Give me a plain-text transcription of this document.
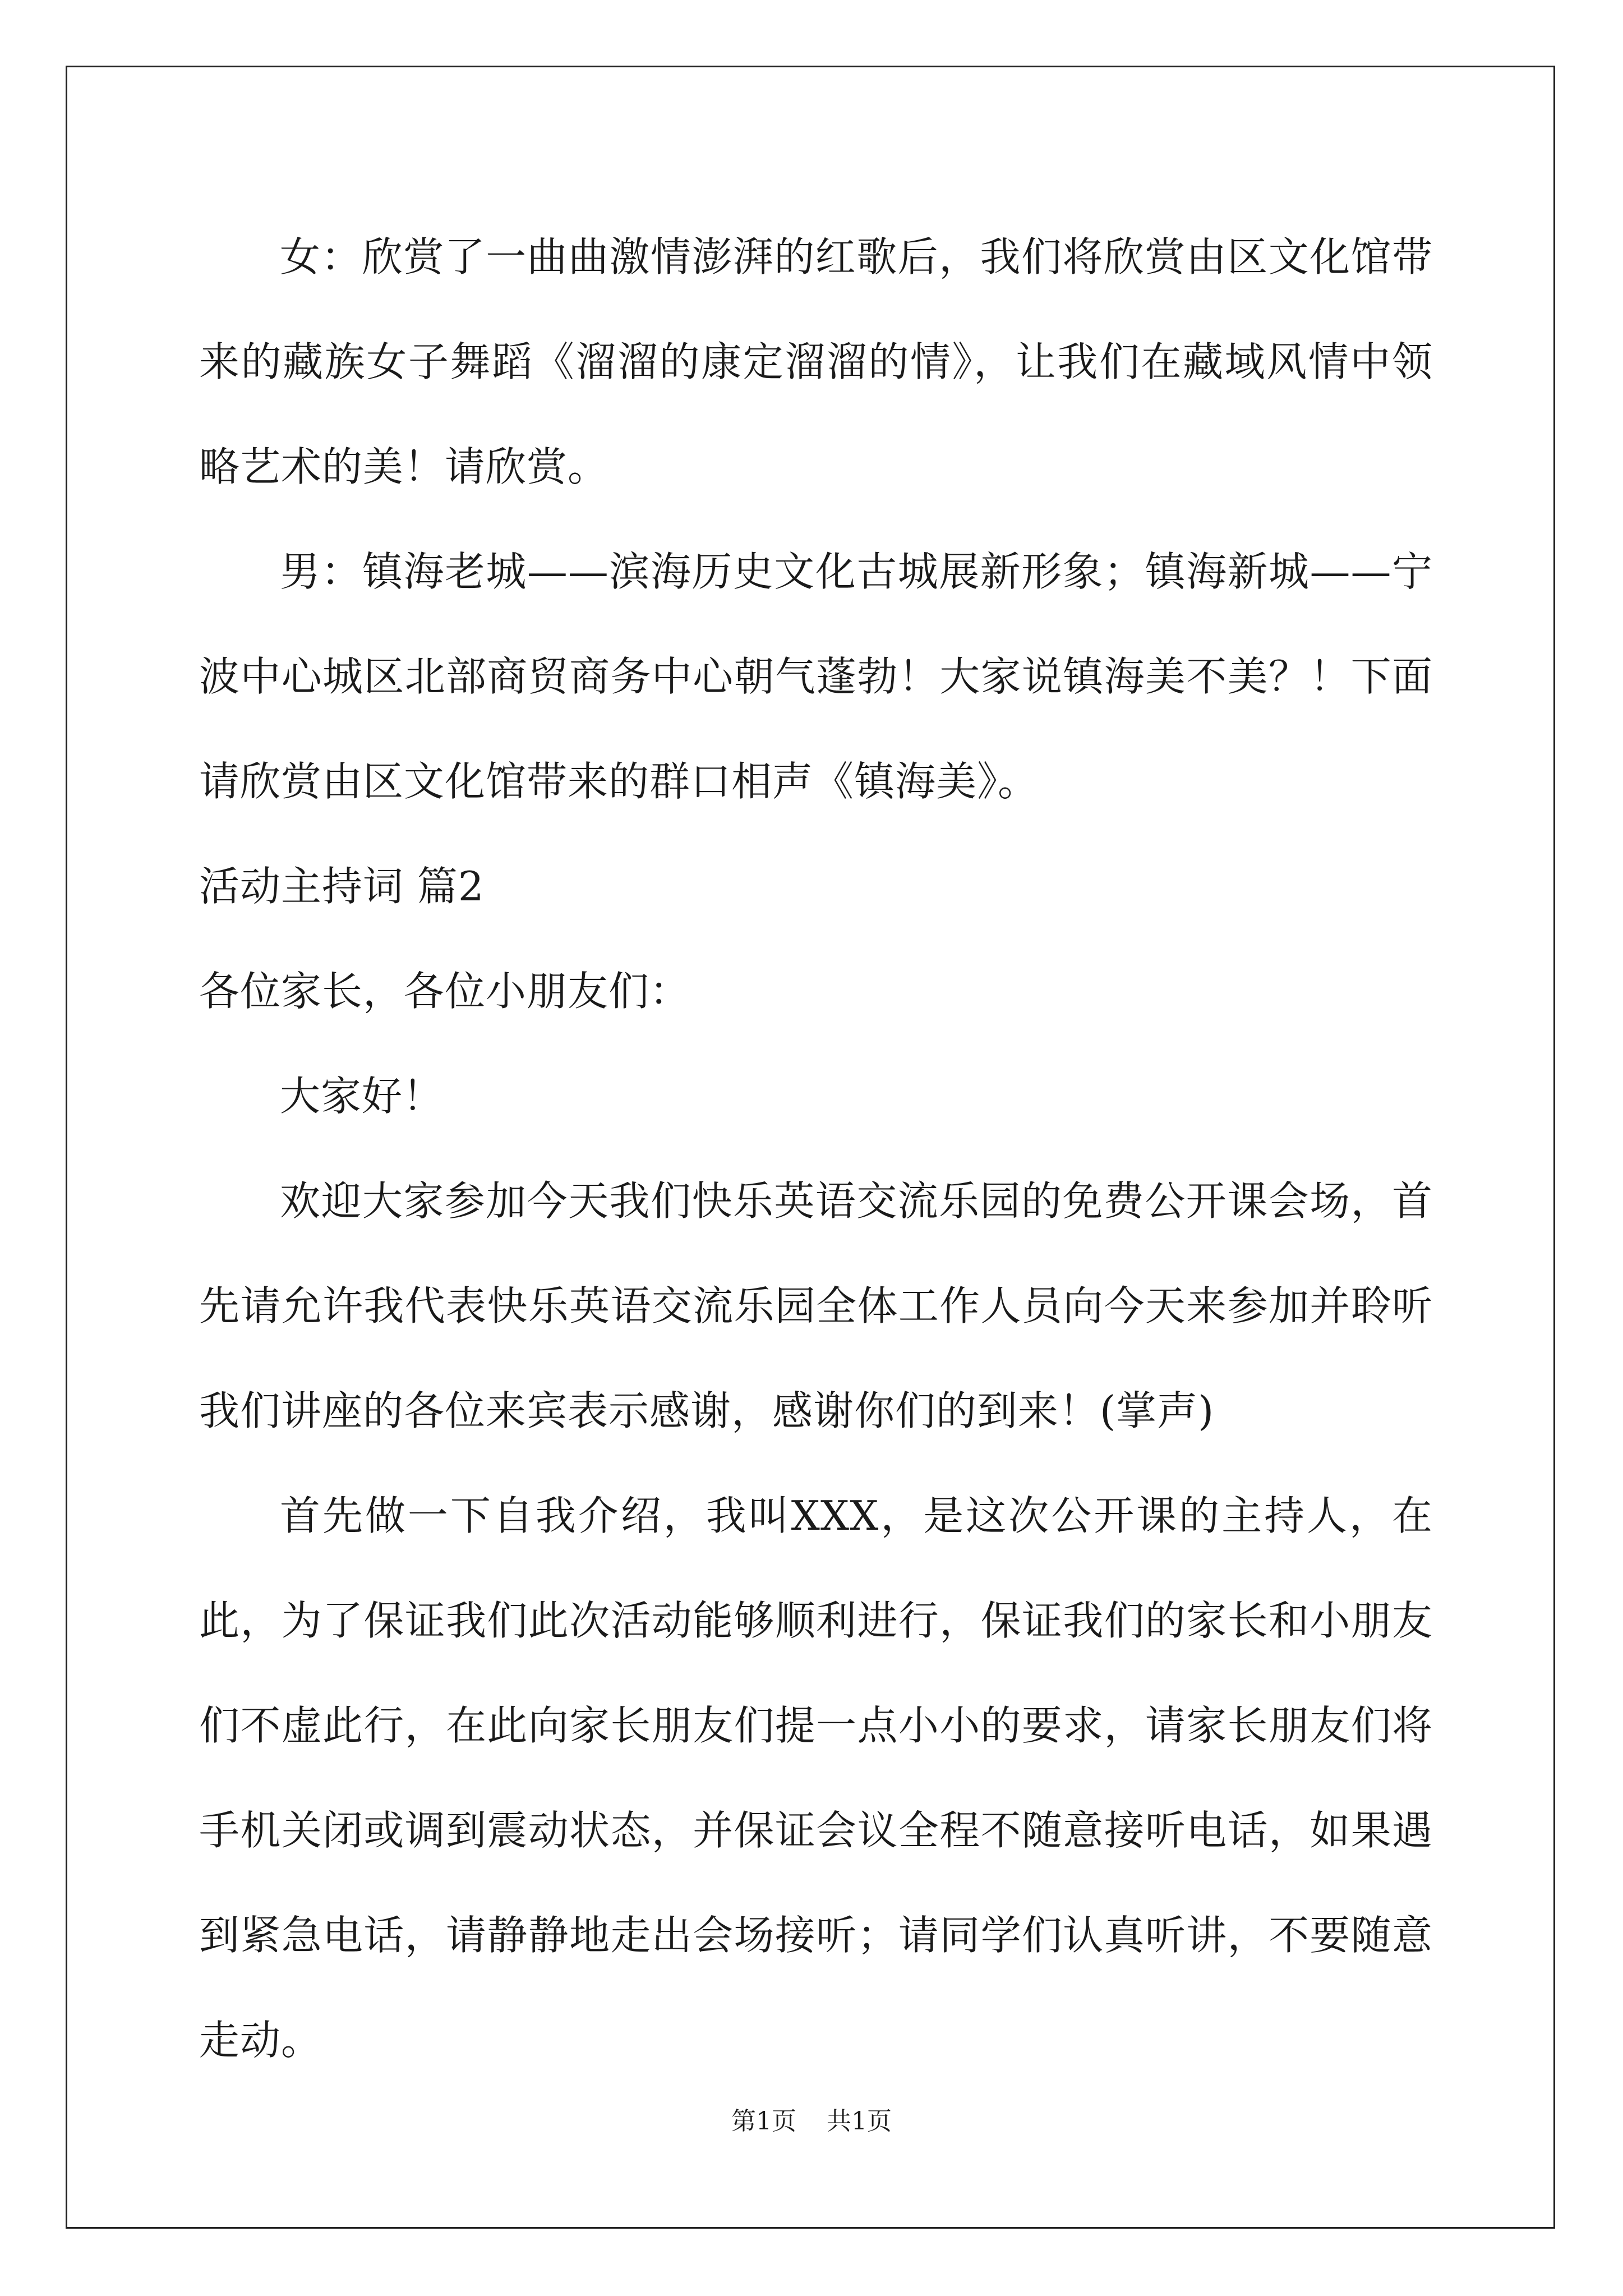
女：欣赏了一曲曲激情澎湃的红歌后，我们将欣赏由区文化馆带来的藏族女子舞蹈《溜溜的康定溜溜的情》，让我们在藏域风情中领略艺术的美！请欣赏。

男：镇海老城——滨海历史文化古城展新形象；镇海新城——宁波中心城区北部商贸商务中心朝气蓬勃！大家说镇海美不美？！下面请欣赏由区文化馆带来的群口相声《镇海美》。

活动主持词 篇2

各位家长，各位小朋友们：

大家好！

欢迎大家参加今天我们快乐英语交流乐园的免费公开课会场，首先请允许我代表快乐英语交流乐园全体工作人员向今天来参加并聆听我们讲座的各位来宾表示感谢，感谢你们的到来！(掌声)

首先做一下自我介绍，我叫XXX，是这次公开课的主持人，在此，为了保证我们此次活动能够顺利进行，保证我们的家长和小朋友们不虚此行，在此向家长朋友们提一点小小的要求，请家长朋友们将手机关闭或调到震动状态，并保证会议全程不随意接听电话，如果遇到紧急电话，请静静地走出会场接听；请同学们认真听讲，不要随意走动。

第1页 共1页
